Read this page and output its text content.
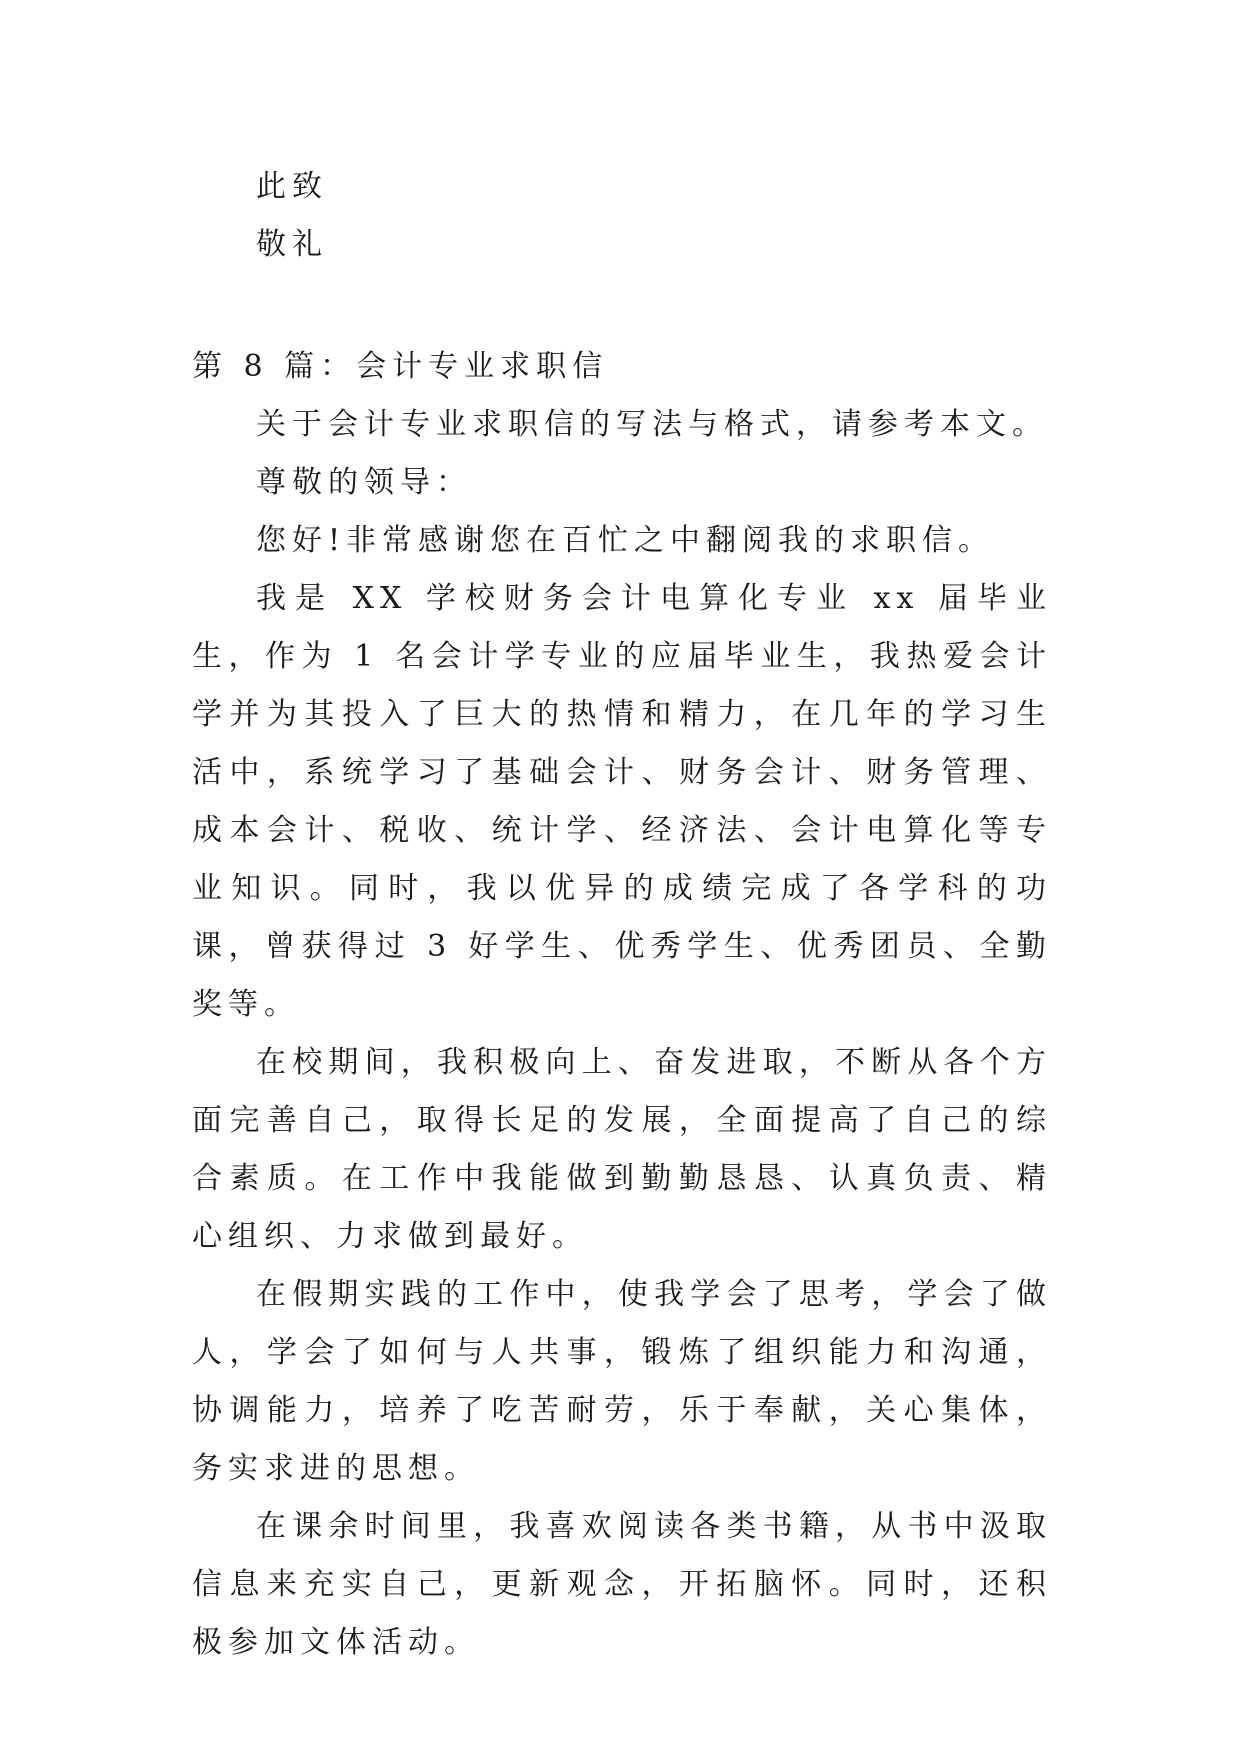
此致

敬礼

第 8 篇：会计专业求职信

关于会计专业求职信的写法与格式，请参考本文。

尊敬的领导：

您好!非常感谢您在百忙之中翻阅我的求职信。

我是 XX 学校财务会计电算化专业 xx 届毕业生，作为 1 名会计学专业的应届毕业生，我热爱会计学并为其投入了巨大的热情和精力，在几年的学习生活中，系统学习了基础会计、财务会计、财务管理、成本会计、税收、统计学、经济法、会计电算化等专业知识。同时，我以优异的成绩完成了各学科的功课，曾获得过 3 好学生、优秀学生、优秀团员、全勤奖等。

在校期间，我积极向上、奋发进取，不断从各个方面完善自己，取得长足的发展，全面提高了自己的综合素质。在工作中我能做到勤勤恳恳、认真负责、精心组织、力求做到最好。

在假期实践的工作中，使我学会了思考，学会了做人，学会了如何与人共事，锻炼了组织能力和沟通，协调能力，培养了吃苦耐劳，乐于奉献，关心集体，务实求进的思想。

在课余时间里，我喜欢阅读各类书籍，从书中汲取信息来充实自己，更新观念，开拓脑怀。同时，还积极参加文体活动。
